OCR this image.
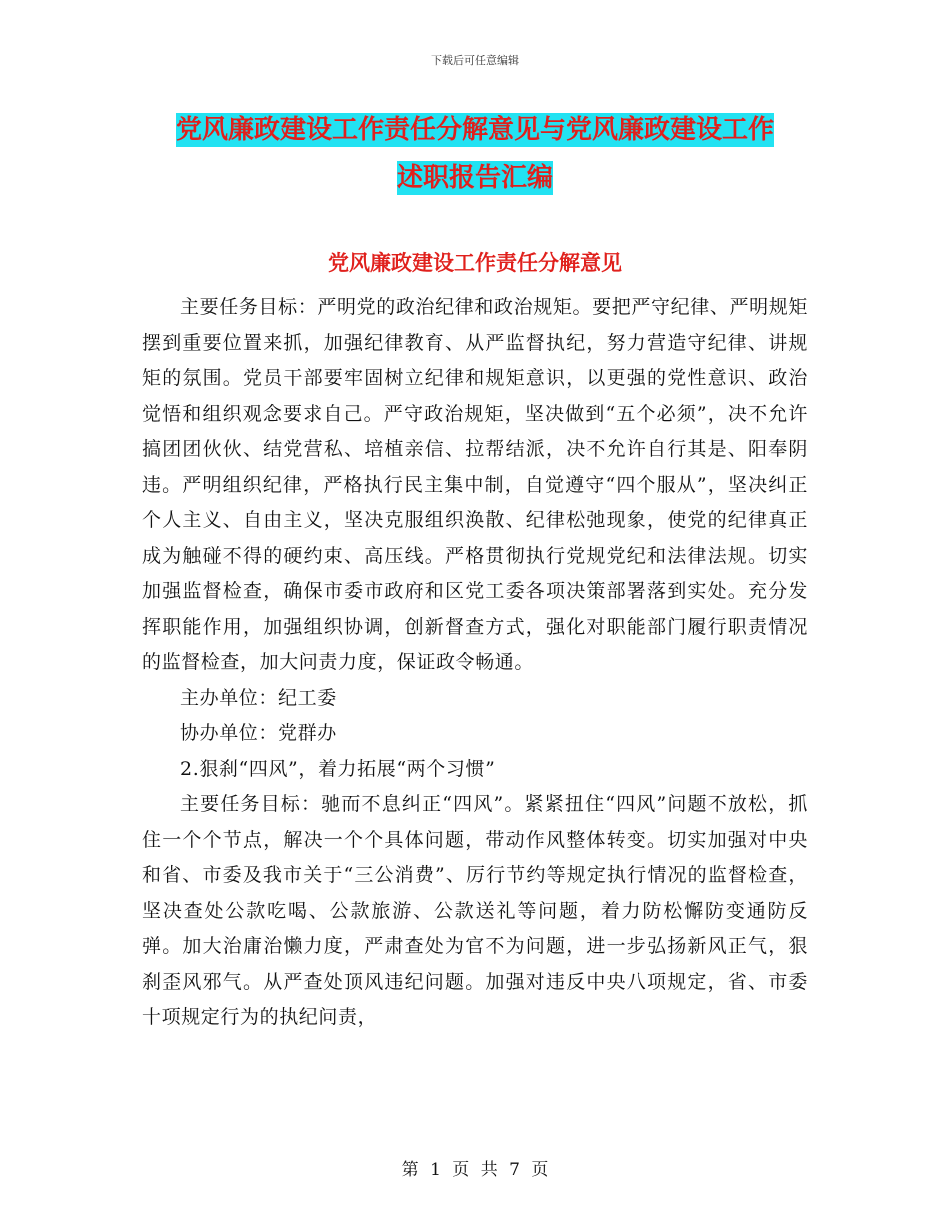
下载后可任意编辑
党风廉政建设工作责任分解意见与党风廉政建设工作
述职报告汇编
党风廉政建设工作责任分解意见

主要任务目标：严明党的政治纪律和政治规矩。要把严守纪律、严明规矩摆到重要位置来抓，加强纪律教育、从严监督执纪，努力营造守纪律、讲规矩的氛围。党员干部要牢固树立纪律和规矩意识，以更强的党性意识、政治觉悟和组织观念要求自己。严守政治规矩，坚决做到“五个必须”，决不允许搞团团伙伙、结党营私、培植亲信、拉帮结派，决不允许自行其是、阳奉阴违。严明组织纪律，严格执行民主集中制，自觉遵守“四个服从”，坚决纠正个人主义、自由主义，坚决克服组织涣散、纪律松弛现象，使党的纪律真正成为触碰不得的硬约束、高压线。严格贯彻执行党规党纪和法律法规。切实加强监督检查，确保市委市政府和区党工委各项决策部署落到实处。充分发挥职能作用，加强组织协调，创新督查方式，强化对职能部门履行职责情况的监督检查，加大问责力度，保证政令畅通。

主办单位：纪工委

协办单位：党群办

2.狠刹“四风”，着力拓展“两个习惯”

主要任务目标：驰而不息纠正“四风”。紧紧扭住“四风”问题不放松，抓住一个个节点，解决一个个具体问题，带动作风整体转变。切实加强对中央和省、市委及我市关于“三公消费”、厉行节约等规定执行情况的监督检查，坚决查处公款吃喝、公款旅游、公款送礼等问题，着力防松懈防变通防反弹。加大治庸治懒力度，严肃查处为官不为问题，进一步弘扬新风正气，狠刹歪风邪气。从严查处顶风违纪问题。加强对违反中央八项规定，省、市委十项规定行为的执纪问责，

第 1 页 共 7 页
